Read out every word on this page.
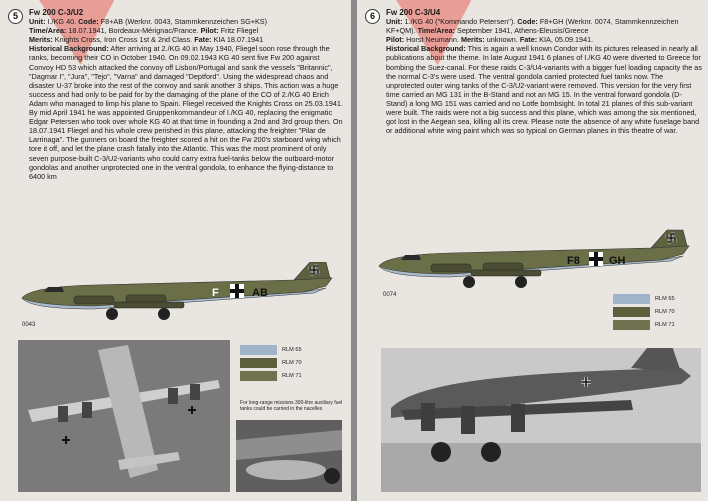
5	Fw 200 C-3/U2
Unit: I./KG 40. Code: F8+AB (Werknr. 0043, Stammkennzeichen SG+KS)
Time/Area: 18.07.1941, Bordeaux-Mérignac/France. Pilot: Fritz Fliegel
Merits: Knights Cross, Iron Cross 1st & 2nd Class. Fate: KIA 18.07.1941
Historical Background: After arriving at 2./KG 40 in May 1940, Fliegel soon rose through the ranks, becoming their CO in October 1940. On 09.02.1943 KG 40 sent five Fw 200 against Convoy HD 53 which attacked the convoy off Lisbon/Portugal and sank the vessels "Britannic", "Dagmar I", "Jura", "Tejo", "Varna" and damaged "Deptford". Using the widespread chaos and disaster U-37 broke into the rest of the convoy and sank another 3 ships. This action was a huge success and had only to be paid for by the damaging of the plane of the CO of 2./KG 40 Erich Adam who managed to limp his plane to Spain. Fliegel received the Knights Cross on 25.03.1941. By mid April 1941 he was appointed Gruppenkommandeur of I./KG 40, replacing the enigmatic Edgar Petersen who took over whole KG 40 at that time in founding a 2nd and 3rd group then. On 18.07.1941 Fliegel and his whole crew perished in this plane, attacking the freighter "Pilar de Larrinaga". The gunners on board the freighter scored a hit on the Fw 200's starboard wing which tore it off, and let the plane crash fatally into the Atlantic. This was the most prominent of only seven purpose-built C-3/U2-variants who could carry extra fuel-tanks below the outboard-motor gondolas and another unprotected one in the ventral gondola, to enhance the flying-distance to 6400 km
F	AB
0043
RLM 65
RLM 70
RLM 71
For long-range missions 300-litre auxiliary fuel tanks could be carried in the nacelles
6	Fw 200 C-3/U4
Unit: 1./KG 40 ("Kommando Petersen"). Code: F8+GH (Werknr. 0074, Stammkennzeichen KF+QM). Time/Area: September 1941, Athens-Eleusis/Greece
Pilot: Horst Neumann. Merits: unknown. Fate: KIA, 05.09.1941.
Historical Background: This is again a well known Condor with its pictures released in nearly all publications about the theme. In late August 1941 6 planes of I./KG 40 were diverted to Greece for bombing the Suez-canal. For these raids C-3/U4-variants with a bigger fuel loading capacity the as the normal C-3's were used. The ventral gondola carried protected fuel tanks now. The unprotected outer wing tanks of the C-3/U2-variant were removed. This version for the very first time carried an MG 131 in the B-Stand and not an MG 15. In the ventral forward gondola (D-Stand) a long MG 151 was carried and no Lotfe bombsight. In total 21 planes of this sub-variant were built. The raids were not a big success and this plane, which was among the six mentioned, got lost in the Aegean sea, killing all its crew. Please note the absence of any white fuselage band or additional white wing paint which was so typical on German planes in this theatre of war.
F8	GH
0074
RLM 65
RLM 70
RLM 71
